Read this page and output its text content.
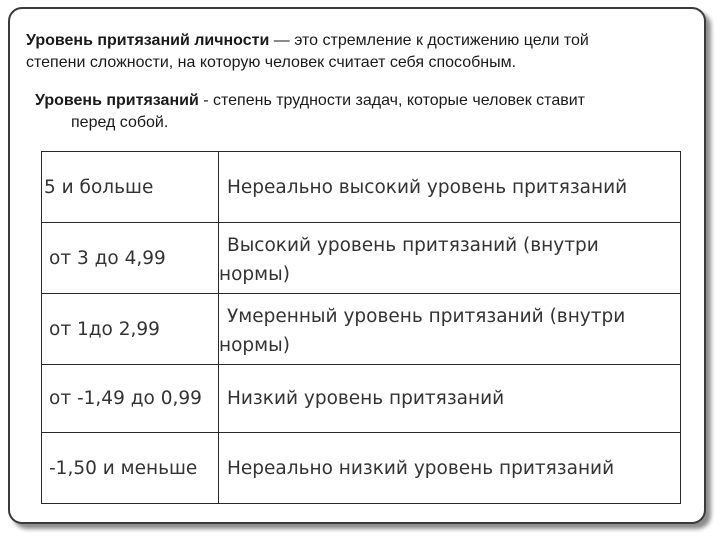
Уровень притязаний личности — это стремление к достижению цели той
степени сложности, на которую человек считает себя способным.

Уровень притязаний - степень трудности задач, которые человек ставит
перед собой.

5 и больше	Нереально высокий уровень притязаний
от 3 до 4,99	Высокий уровень притязаний (внутри
нормы)

от 1до 2,99	Умеренный уровень притязаний (внутри
нормы)

от -1,49 до 0,99	Низкий уровень притязаний
-1,50 и меньше	Нереально низкий уровень притязаний
